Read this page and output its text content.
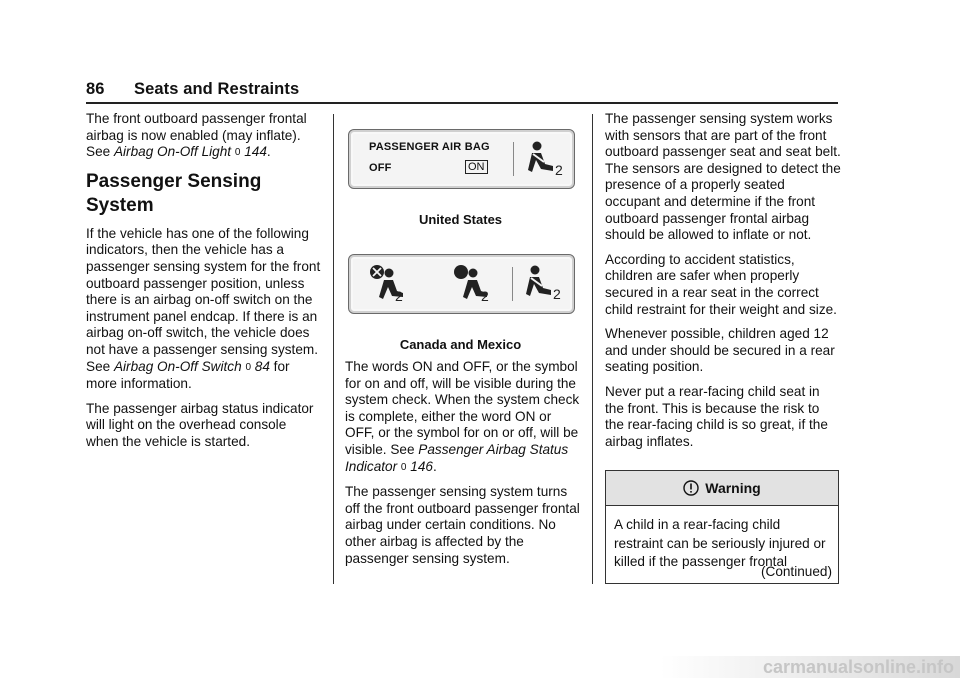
86 Seats and Restraints

The front outboard passenger frontal airbag is now enabled (may inflate). See Airbag On-Off Light 0 144.

Passenger Sensing System

If the vehicle has one of the following indicators, then the vehicle has a passenger sensing system for the front outboard passenger position, unless there is an airbag on-off switch on the instrument panel endcap. If there is an airbag on-off switch, the vehicle does not have a passenger sensing system. See Airbag On-Off Switch 0 84 for more information.

The passenger airbag status indicator will light on the overhead console when the vehicle is started.

PASSENGER AIR BAG
OFF	ON	2
United States
2	2	2
Canada and Mexico

The words ON and OFF, or the symbol for on and off, will be visible during the system check. When the system check is complete, either the word ON or OFF, or the symbol for on or off, will be visible. See Passenger Airbag Status Indicator 0 146.

The passenger sensing system turns off the front outboard passenger frontal airbag under certain conditions. No other airbag is affected by the passenger sensing system.

The passenger sensing system works with sensors that are part of the front outboard passenger seat and seat belt. The sensors are designed to detect the presence of a properly seated occupant and determine if the front outboard passenger frontal airbag should be allowed to inflate or not.

According to accident statistics, children are safer when properly secured in a rear seat in the correct child restraint for their weight and size.

Whenever possible, children aged 12 and under should be secured in a rear seating position.

Never put a rear-facing child seat in the front. This is because the risk to the rear-facing child is so great, if the airbag inflates.

Warning
A child in a rear-facing child restraint can be seriously injured or killed if the passenger frontal
(Continued)
carmanualsonline.info
